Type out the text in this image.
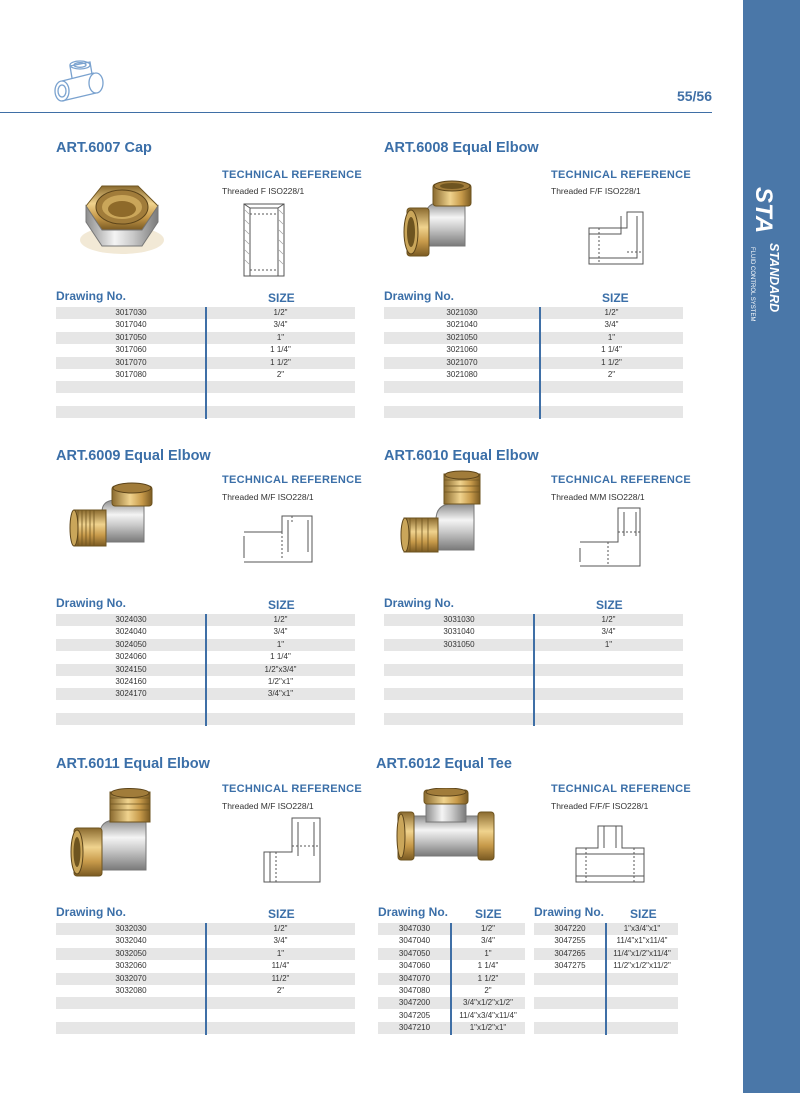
STA
STANDARD
FLUID CONTROL SYSTEM
55/56
ART.6007 Cap
TECHNICAL REFERENCE
Threaded F ISO228/1
Drawing No.	SIZE
3017030	1/2"
3017040	3/4"
3017050	1"
3017060	1 1/4"
3017070	1 1/2"
3017080	2"
ART.6008 Equal Elbow
TECHNICAL REFERENCE
Threaded F/F ISO228/1
Drawing No.	SIZE
3021030	1/2"
3021040	3/4"
3021050	1"
3021060	1 1/4"
3021070	1 1/2"
3021080	2"
ART.6009 Equal Elbow
TECHNICAL REFERENCE
Threaded M/F ISO228/1
Drawing No.	SIZE
3024030	1/2"
3024040	3/4"
3024050	1"
3024060	1 1/4"
3024150	1/2"x3/4"
3024160	1/2"x1"
3024170	3/4"x1"
ART.6010 Equal Elbow
TECHNICAL REFERENCE
Threaded M/M ISO228/1
Drawing No.	SIZE
3031030	1/2"
3031040	3/4"
3031050	1"
ART.6011 Equal Elbow
TECHNICAL REFERENCE
Threaded M/F ISO228/1
Drawing No.	SIZE
3032030	1/2"
3032040	3/4"
3032050	1"
3032060	11/4"
3032070	11/2"
3032080	2"
ART.6012 Equal Tee
TECHNICAL REFERENCE
Threaded F/F/F ISO228/1
Drawing No. SIZE	Drawing No. SIZE
3047030	1/2"
3047040	3/4"
3047050	1"
3047060	1 1/4"
3047070	1 1/2"
3047080	2"
3047200	3/4"x1/2"x1/2"
3047205	11/4"x3/4"x11/4"
3047210	1"x1/2"x1"
3047220	1"x3/4"x1"
3047255	11/4"x1"x11/4"
3047265	11/4"x1/2"x11/4"
3047275	11/2"x1/2"x11/2"
